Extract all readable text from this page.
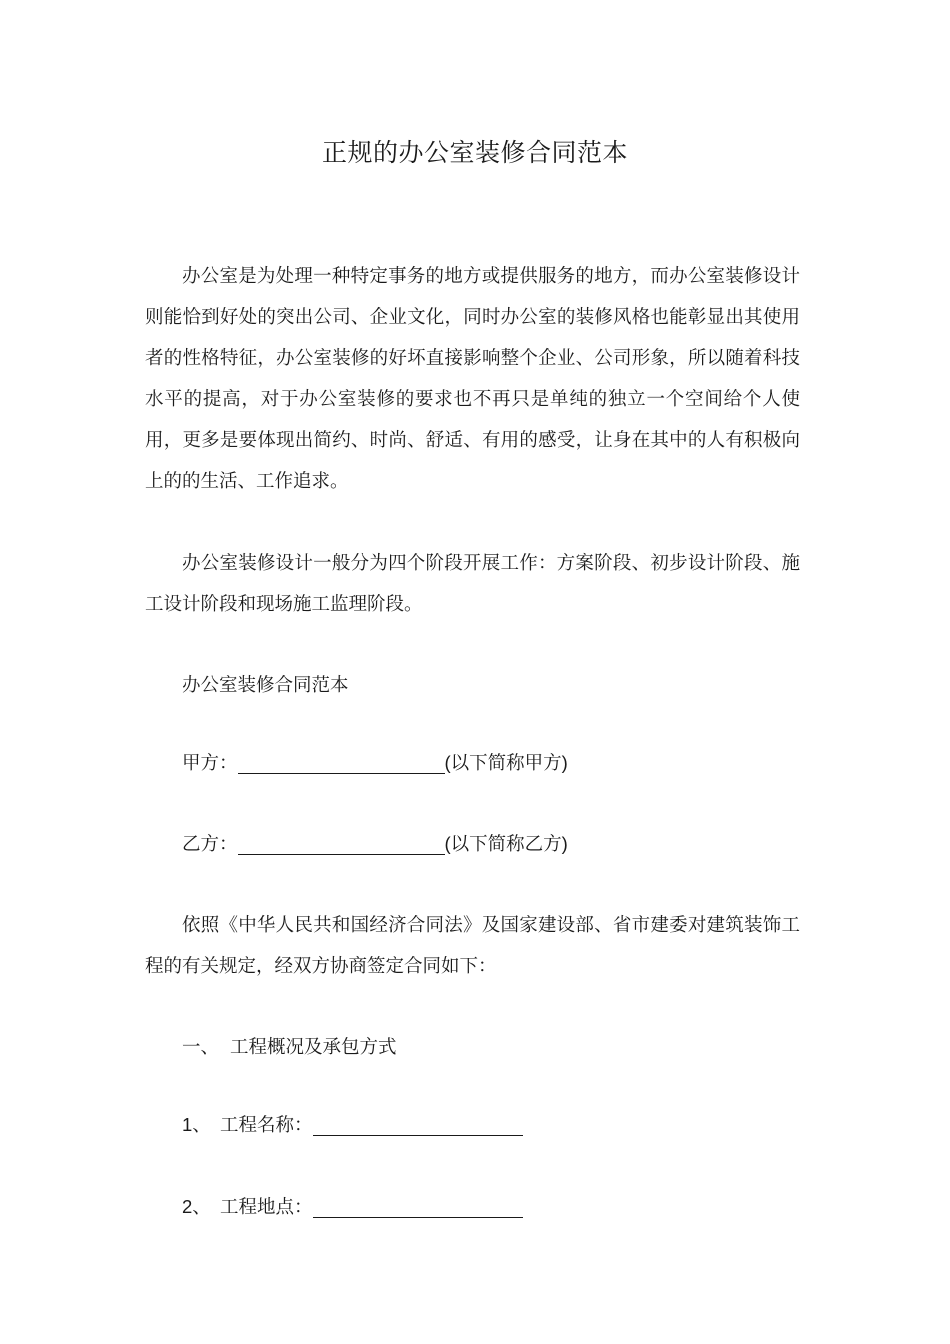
正规的办公室装修合同范本

办公室是为处理一种特定事务的地方或提供服务的地方，而办公室装修设计则能恰到好处的突出公司、企业文化，同时办公室的装修风格也能彰显出其使用者的性格特征，办公室装修的好坏直接影响整个企业、公司形象，所以随着科技水平的提高，对于办公室装修的要求也不再只是单纯的独立一个空间给个人使用，更多是要体现出简约、时尚、舒适、有用的感受，让身在其中的人有积极向上的的生活、工作追求。

办公室装修设计一般分为四个阶段开展工作：方案阶段、初步设计阶段、施工设计阶段和现场施工监理阶段。

办公室装修合同范本
甲方：	(以下简称甲方)
乙方：	(以下简称乙方)

依照《中华人民共和国经济合同法》及国家建设部、省市建委对建筑装饰工程的有关规定，经双方协商签定合同如下：

一、 工程概况及承包方式
1、 工程名称：
2、 工程地点：
